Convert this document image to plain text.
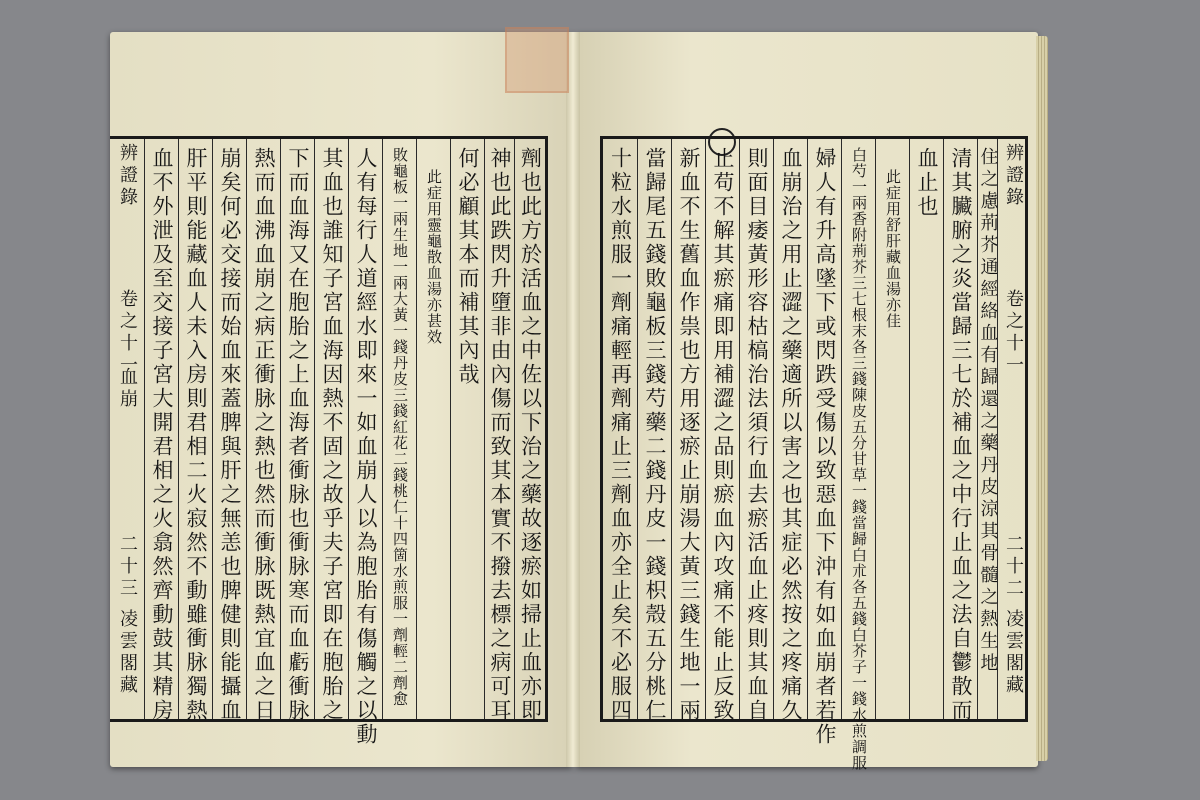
辨證錄
卷之十一
血崩
二十三
凌雲閣藏 血不外泄及至交接子宮大開君相之火翕然齊動鼓其精房 肝平則能藏血人未入房則君相二火寂然不動雖衝脉獨熱 崩矣何必交接而始血來蓋脾與肝之無恙也脾健則能攝血 熱而血沸血崩之病正衝脉之熱也然而衝脉既熱宜血之日 下而血海又在胞胎之上血海者衝脉也衝脉寒而血虧衝脉 其血也誰知子宮血海因熱不固之故乎夫子宮即在胞胎之 人有每行人道經水即來一如血崩人以為胞胎有傷觸之以動 敗龜板一兩生地一兩大黃一錢丹皮三錢紅花二錢桃仁十四箇水煎服一劑輕二劑愈 此症用靈龜散血湯亦甚效 何必顧其本而補其內哉 神也此跌閃升墮非由內傷而致其本實不撥去標之病可耳 劑也此方於活血之中佐以下治之藥故逐瘀如掃止血亦即	十粒水煎服一劑痛輕再劑痛止三劑血亦全止矣不必服四 當歸尾五錢敗龜板三錢芍藥二錢丹皮一錢枳殼五分桃仁 新血不生舊血作祟也方用逐瘀止崩湯大黃三錢生地一兩 止苟不解其瘀痛即用補澀之品則瘀血內攻痛不能止反致 則面目痿黃形容枯槁治法須行血去瘀活血止疼則其血自 血崩治之用止澀之藥適所以害之也其症必然按之疼痛久 婦人有升高墜下或閃跌受傷以致惡血下沖有如血崩者若作 白芍一兩香附荊芥三七根末各三錢陳皮五分甘草一錢當歸白朮各五錢白芥子一錢水煎調服 此症用舒肝藏血湯亦佳 血止也 清其臟腑之炎當歸三七於補血之中行止血之法自鬱散而 住之慮荊芥通經絡血有歸還之藥丹皮涼其骨髓之熱生地 辨證錄
卷之十一
二十二
凌雲閣藏
